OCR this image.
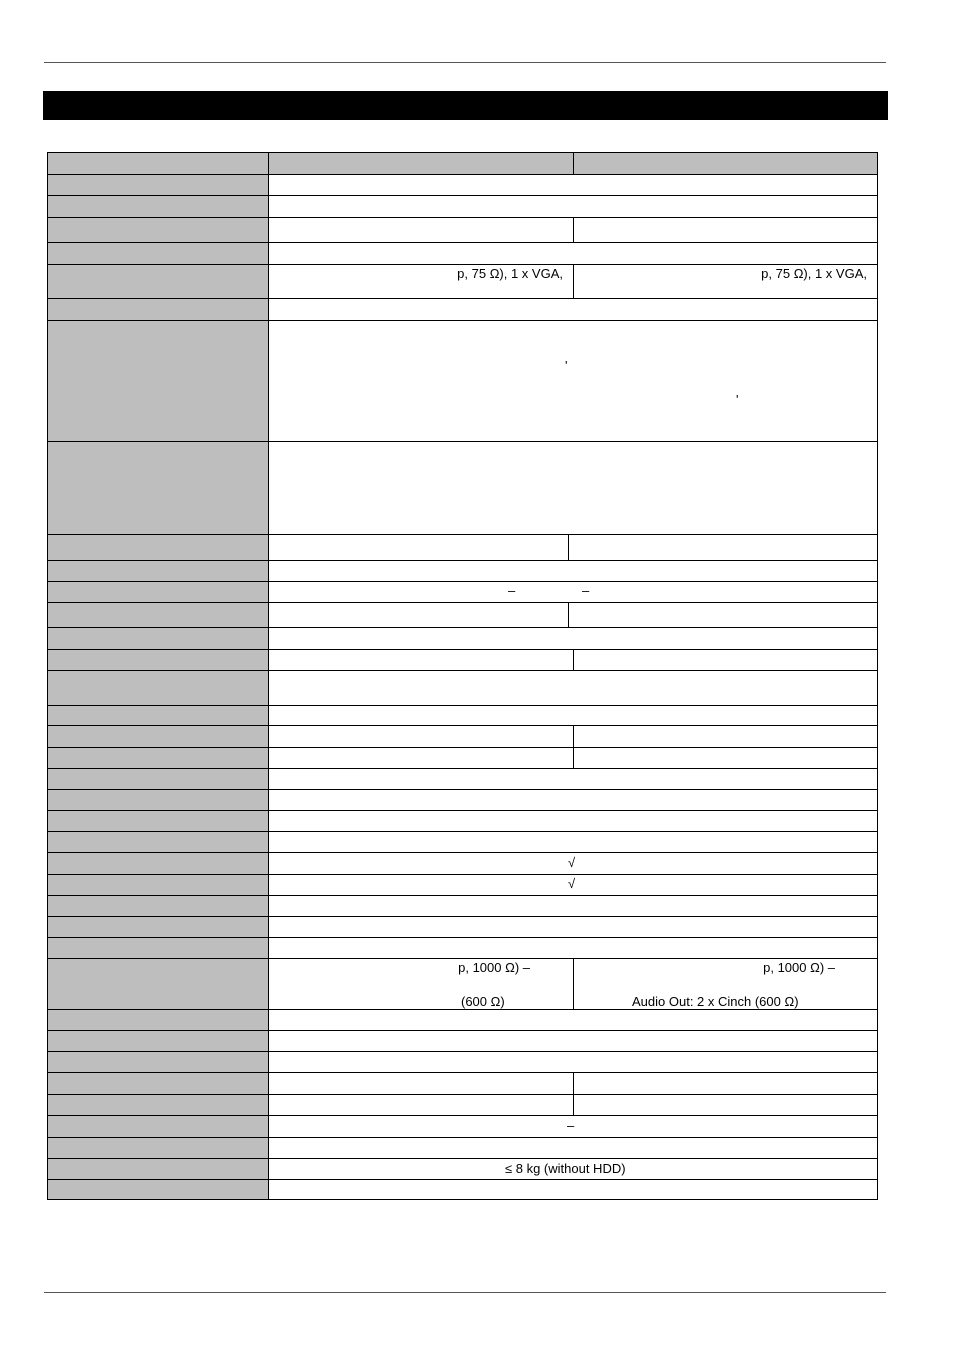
p, 75 Ω), 1 x VGA,	p, 75 Ω), 1 x VGA,
'
'
–	–
√
√
p, 1000 Ω) –
(600 Ω)
p, 1000 Ω) –
Audio Out: 2 x Cinch (600 Ω)
–
≤ 8 kg (without HDD)
